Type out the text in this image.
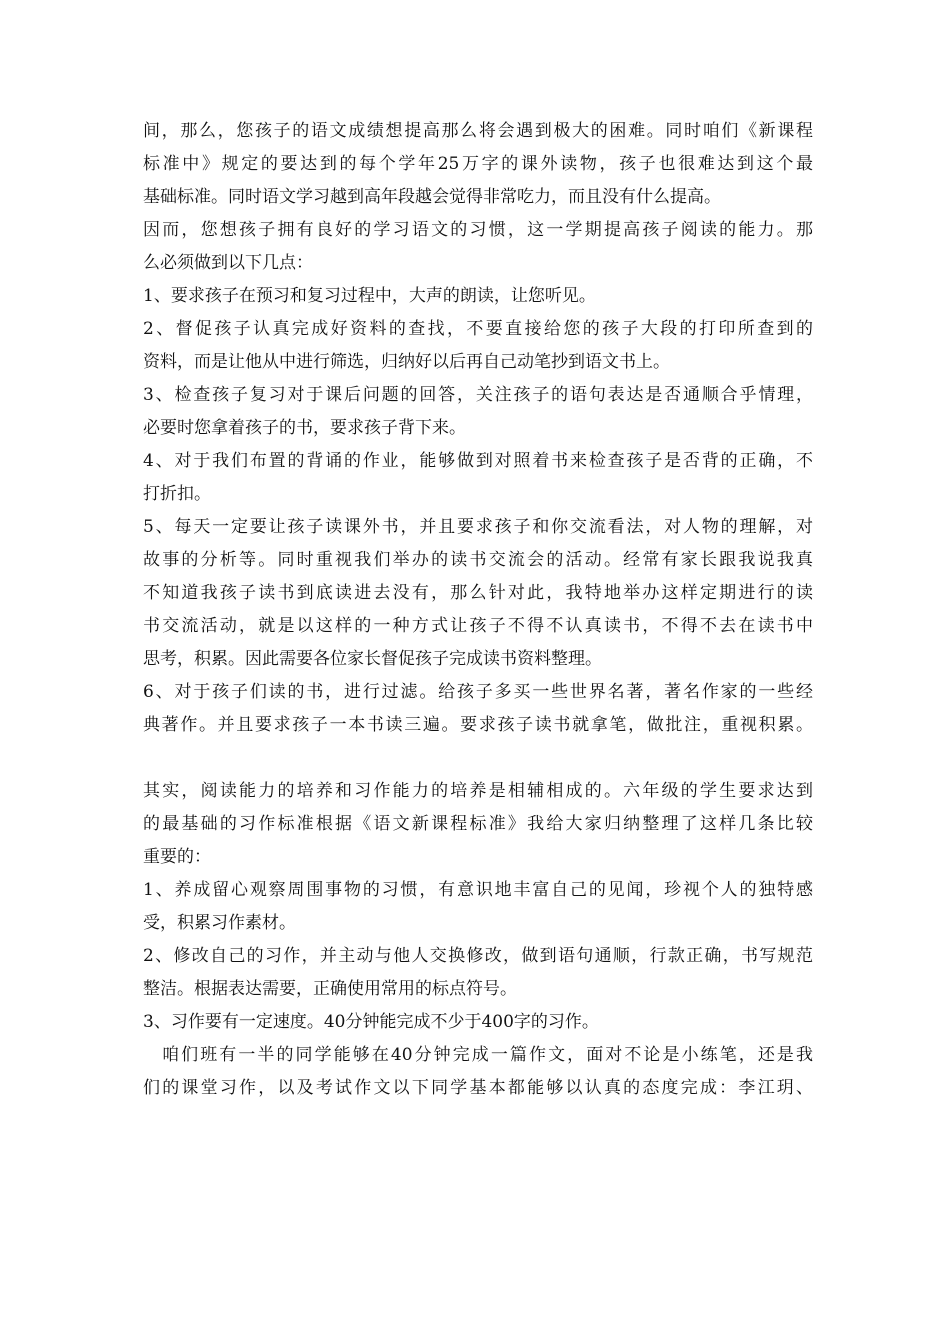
间，那么，您孩子的语文成绩想提高那么将会遇到极大的困难。同时咱们《新课程
标准中》规定的要达到的每个学年25万字的课外读物，孩子也很难达到这个最
基础标准。同时语文学习越到高年段越会觉得非常吃力，而且没有什么提高。
因而，您想孩子拥有良好的学习语文的习惯，这一学期提高孩子阅读的能力。那
么必须做到以下几点：
1、要求孩子在预习和复习过程中，大声的朗读，让您听见。
2、督促孩子认真完成好资料的查找，不要直接给您的孩子大段的打印所查到的
资料，而是让他从中进行筛选，归纳好以后再自己动笔抄到语文书上。
3、检查孩子复习对于课后问题的回答，关注孩子的语句表达是否通顺合乎情理，
必要时您拿着孩子的书，要求孩子背下来。
4、对于我们布置的背诵的作业，能够做到对照着书来检查孩子是否背的正确，不
打折扣。
5、每天一定要让孩子读课外书，并且要求孩子和你交流看法，对人物的理解，对
故事的分析等。同时重视我们举办的读书交流会的活动。经常有家长跟我说我真
不知道我孩子读书到底读进去没有，那么针对此，我特地举办这样定期进行的读
书交流活动，就是以这样的一种方式让孩子不得不认真读书，不得不去在读书中
思考，积累。因此需要各位家长督促孩子完成读书资料整理。
6、对于孩子们读的书，进行过滤。给孩子多买一些世界名著，著名作家的一些经
典著作。并且要求孩子一本书读三遍。要求孩子读书就拿笔，做批注，重视积累。
其实，阅读能力的培养和习作能力的培养是相辅相成的。六年级的学生要求达到
的最基础的习作标准根据《语文新课程标准》我给大家归纳整理了这样几条比较
重要的：
1、养成留心观察周围事物的习惯，有意识地丰富自己的见闻，珍视个人的独特感
受，积累习作素材。
2、修改自己的习作，并主动与他人交换修改，做到语句通顺，行款正确，书写规范
整洁。根据表达需要，正确使用常用的标点符号。
3、习作要有一定速度。40分钟能完成不少于400字的习作。
　咱们班有一半的同学能够在40分钟完成一篇作文，面对不论是小练笔，还是我
们的课堂习作，以及考试作文以下同学基本都能够以认真的态度完成：李江玥、
